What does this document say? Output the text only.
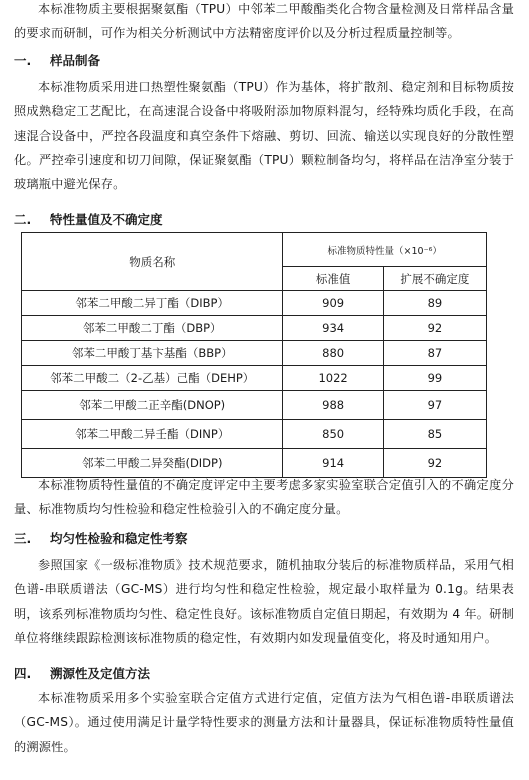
本标准物质主要根据聚氨酯（TPU）中邻苯二甲酸酯类化合物含量检测及日常样品含量的要求而研制，可作为相关分析测试中方法精密度评价以及分析过程质量控制等。

一. 样品制备

本标准物质采用进口热塑性聚氨酯（TPU）作为基体，将扩散剂、稳定剂和目标物质按照成熟稳定工艺配比，在高速混合设备中将吸附添加物原料混匀，经特殊均质化手段，在高速混合设备中，严控各段温度和真空条件下熔融、剪切、回流、输送以实现良好的分散性塑化。严控牵引速度和切刀间隙，保证聚氨酯（TPU）颗粒制备均匀，将样品在洁净室分装于玻璃瓶中避光保存。

二. 特性量值及不确定度
物质名称	标准物质特性量（×10⁻⁶）	
	标准值	扩展不确定度
邻苯二甲酸二异丁酯（DIBP）	909	89
邻苯二甲酸二丁酯（DBP）	934	92
邻苯二甲酸丁基卞基酯（BBP）	880	87
邻苯二甲酸二（2-乙基）己酯（DEHP）	1022	99
邻苯二甲酸二正辛酯(DNOP)	988	97
邻苯二甲酸二异壬酯（DINP）	850	85
邻苯二甲酸二异癸酯(DIDP)	914	92

本标准物质特性量值的不确定度评定中主要考虑多家实验室联合定值引入的不确定度分量、标准物质均匀性检验和稳定性检验引入的不确定度分量。

三. 均匀性检验和稳定性考察

参照国家《一级标准物质》技术规范要求，随机抽取分装后的标准物质样品，采用气相色谱-串联质谱法（GC-MS）进行均匀性和稳定性检验，规定最小取样量为 0.1g。结果表明，该系列标准物质均匀性、稳定性良好。该标准物质自定值日期起，有效期为 4 年。研制单位将继续跟踪检测该标准物质的稳定性，有效期内如发现量值变化，将及时通知用户。

四. 溯源性及定值方法

本标准物质采用多个实验室联合定值方式进行定值，定值方法为气相色谱-串联质谱法（GC-MS）。通过使用满足计量学特性要求的测量方法和计量器具，保证标准物质特性量值的溯源性。
